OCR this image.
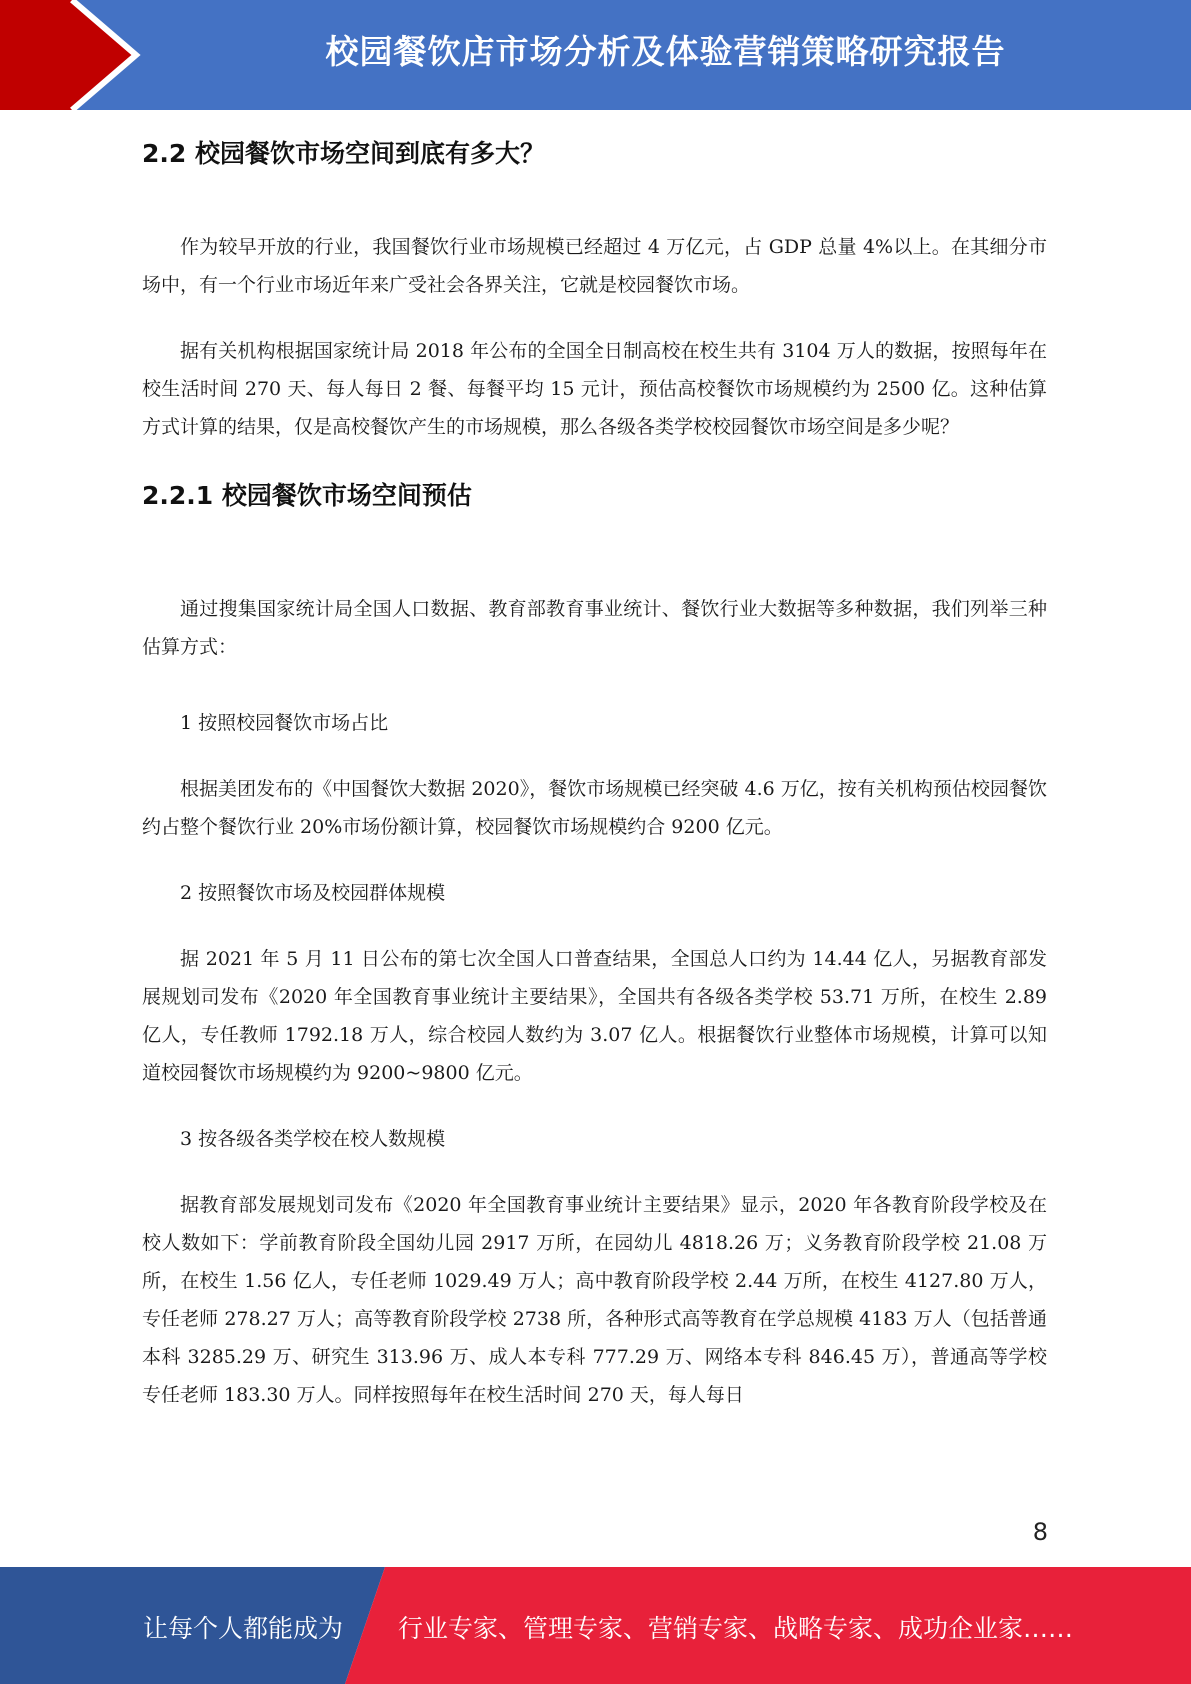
校园餐饮店市场分析及体验营销策略研究报告
2.2 校园餐饮市场空间到底有多大？

作为较早开放的行业，我国餐饮行业市场规模已经超过 4 万亿元，占 GDP 总量 4%以上。在其细分市场中，有一个行业市场近年来广受社会各界关注，它就是校园餐饮市场。

据有关机构根据国家统计局 2018 年公布的全国全日制高校在校生共有 3104 万人的数据，按照每年在校生活时间 270 天、每人每日 2 餐、每餐平均 15 元计，预估高校餐饮市场规模约为 2500 亿。这种估算方式计算的结果，仅是高校餐饮产生的市场规模，那么各级各类学校校园餐饮市场空间是多少呢？

2.2.1 校园餐饮市场空间预估

通过搜集国家统计局全国人口数据、教育部教育事业统计、餐饮行业大数据等多种数据，我们列举三种估算方式：

1 按照校园餐饮市场占比

根据美团发布的《中国餐饮大数据 2020》，餐饮市场规模已经突破 4.6 万亿，按有关机构预估校园餐饮约占整个餐饮行业 20%市场份额计算，校园餐饮市场规模约合 9200 亿元。

2 按照餐饮市场及校园群体规模

据 2021 年 5 月 11 日公布的第七次全国人口普查结果，全国总人口约为 14.44 亿人，另据教育部发展规划司发布《2020 年全国教育事业统计主要结果》，全国共有各级各类学校 53.71 万所，在校生 2.89 亿人，专任教师 1792.18 万人，综合校园人数约为 3.07 亿人。根据餐饮行业整体市场规模，计算可以知道校园餐饮市场规模约为 9200~9800 亿元。

3 按各级各类学校在校人数规模

据教育部发展规划司发布《2020 年全国教育事业统计主要结果》显示，2020 年各教育阶段学校及在校人数如下：学前教育阶段全国幼儿园 2917 万所，在园幼儿 4818.26 万；义务教育阶段学校 21.08 万所，在校生 1.56 亿人，专任老师 1029.49 万人；高中教育阶段学校 2.44 万所，在校生 4127.80 万人，专任老师 278.27 万人；高等教育阶段学校 2738 所，各种形式高等教育在学总规模 4183 万人（包括普通本科 3285.29 万、研究生 313.96 万、成人本专科 777.29 万、网络本专科 846.45 万），普通高等学校专任老师 183.30 万人。同样按照每年在校生活时间 270 天，每人每日

8
让每个人都能成为 行业专家、管理专家、营销专家、战略专家、成功企业家……
